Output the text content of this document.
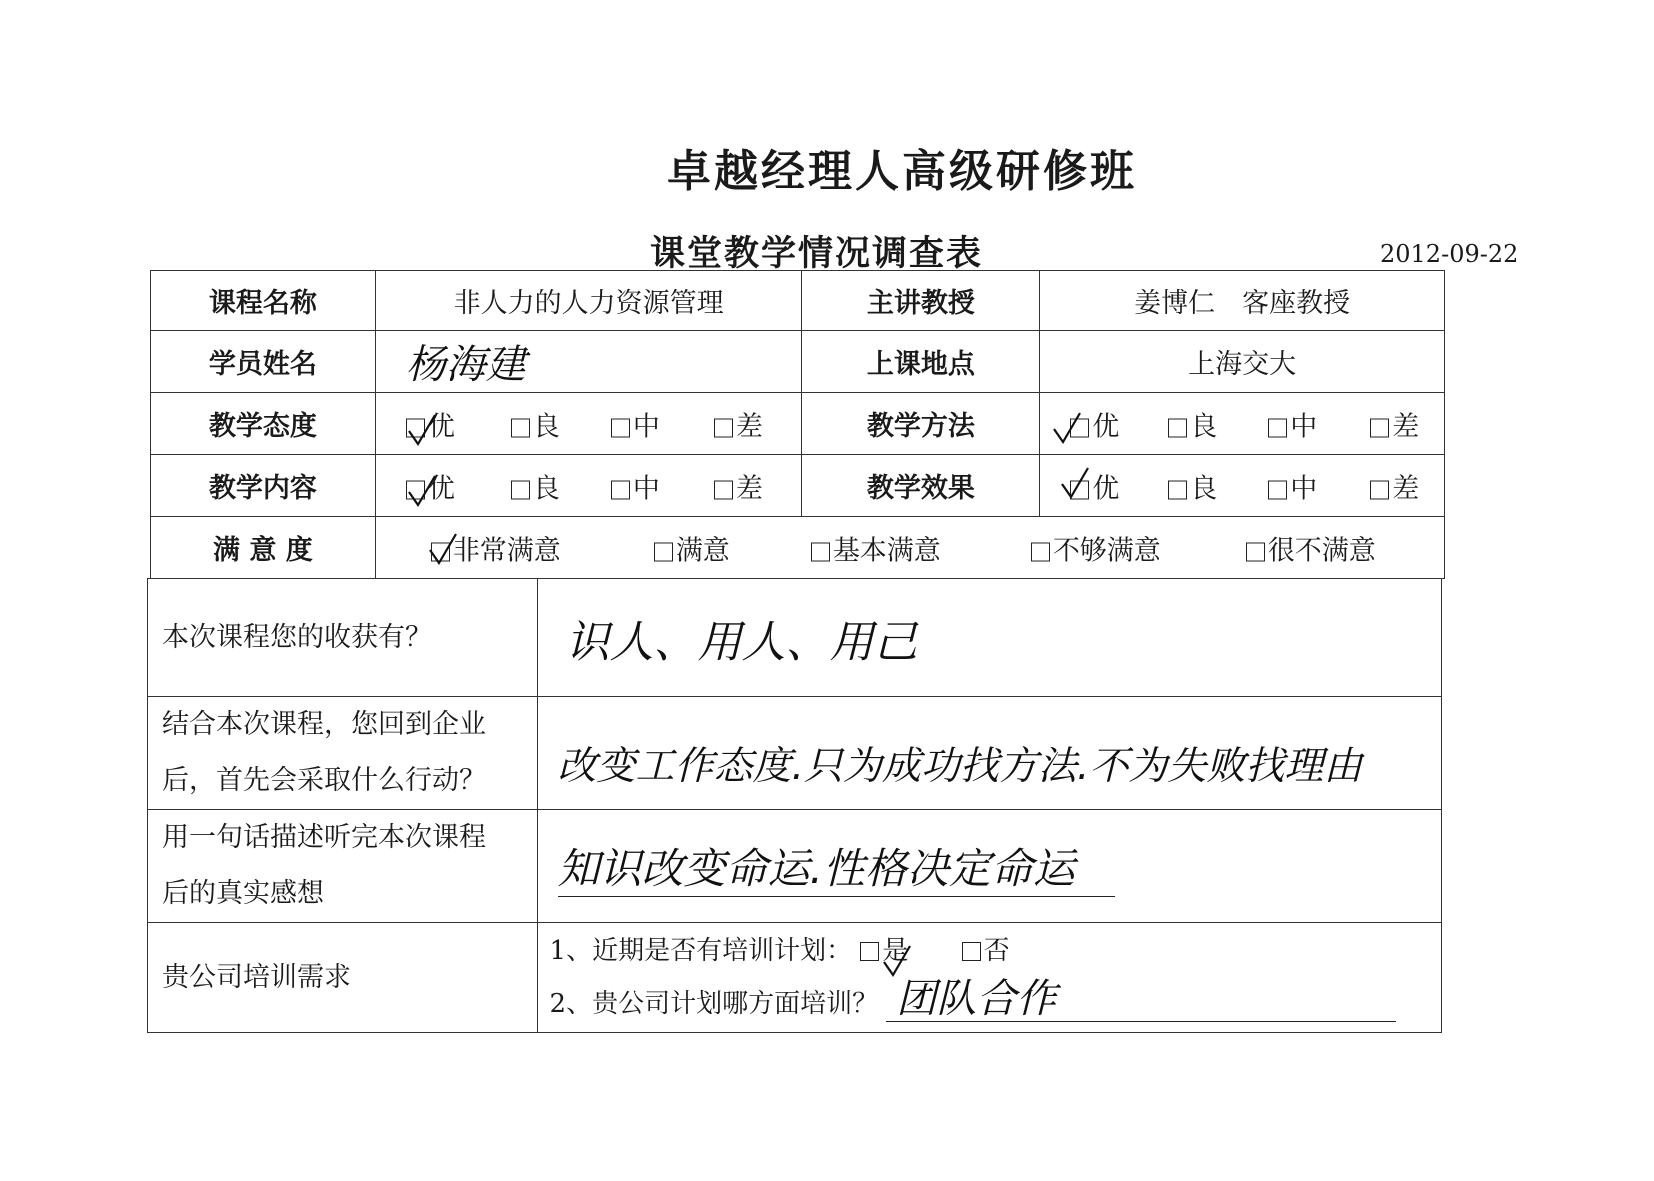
卓越经理人高级研修班
课堂教学情况调查表	2012-09-22
课程名称	非人力的人力资源管理	主讲教授	姜博仁　客座教授
学员姓名	杨海建	上课地点	上海交大
教学态度	优 良 中 差	教学方法	优 良 中 差

教学内容	优 良 中 差	教学效果	优 良 中 差

满 意 度	非常满意 满意 基本满意 不够满意 很不满意		
本次课程您的收获有？	识人、用人、用己

结合本次课程，您回到企业
后，首先会采取什么行动？	改变工作态度.只为成功找方法.不为失败找理由

用一句话描述听完本次课程
后的真实感想	知识改变命运.性格决定命运
贵公司培训需求	1、近期是否有培训计划： 是 否
2、贵公司计划哪方面培训？ 团队合作
